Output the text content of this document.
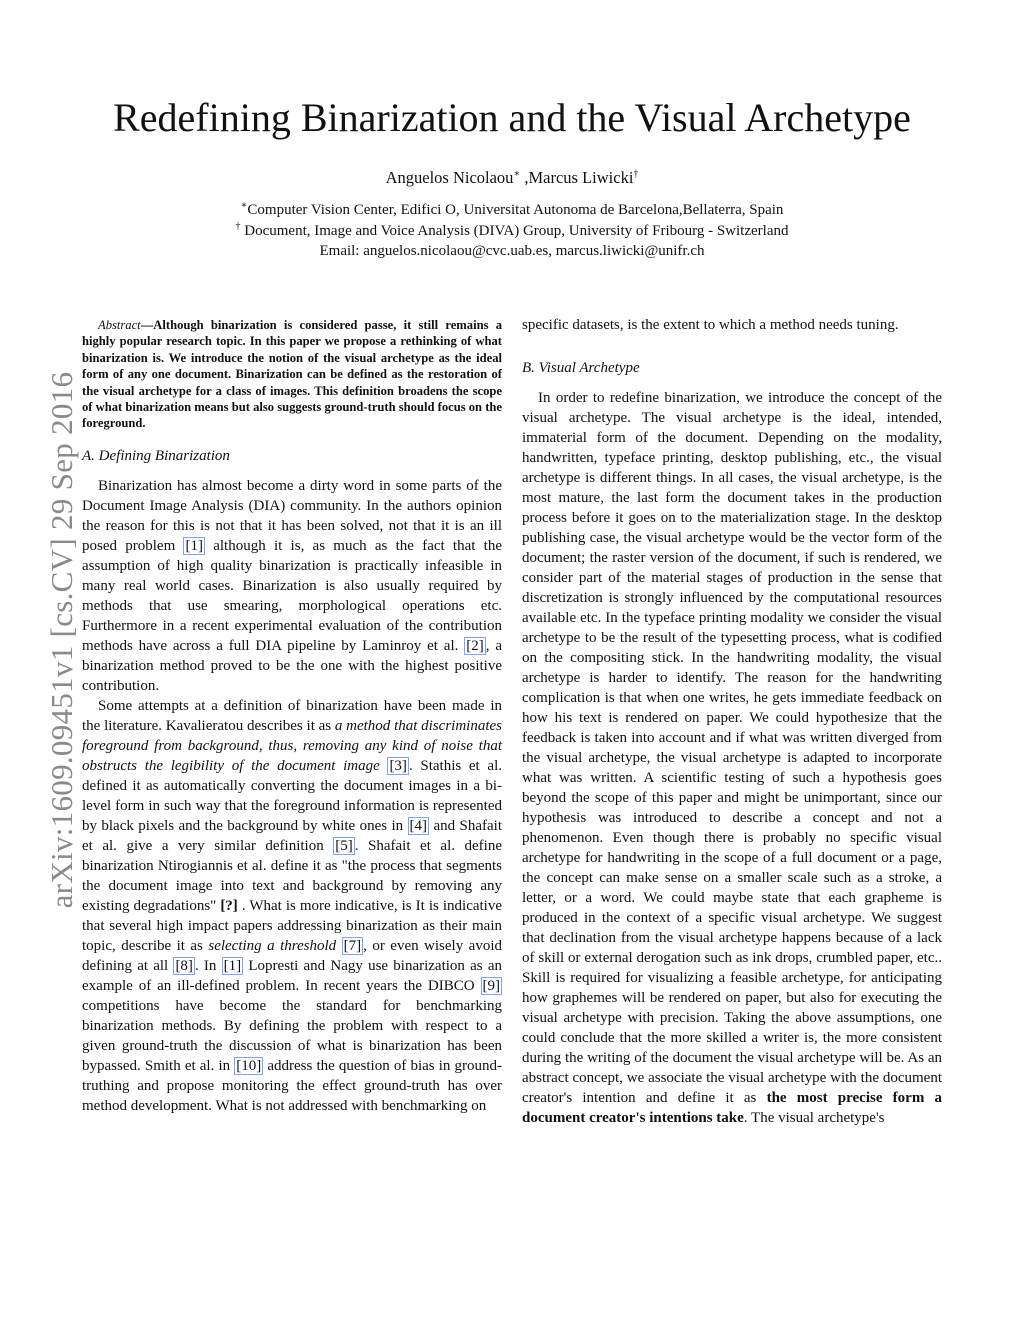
arXiv:1609.09451v1 [cs.CV] 29 Sep 2016
Redefining Binarization and the Visual Archetype
Anguelos Nicolaou∗ ,Marcus Liwicki†
∗Computer Vision Center, Edifici O, Universitat Autonoma de Barcelona,Bellaterra, Spain
† Document, Image and Voice Analysis (DIVA) Group, University of Fribourg - Switzerland
Email: anguelos.nicolaou@cvc.uab.es, marcus.liwicki@unifr.ch
Abstract—Although binarization is considered passe, it still remains a highly popular research topic. In this paper we propose a rethinking of what binarization is. We introduce the notion of the visual archetype as the ideal form of any one document. Binarization can be defined as the restoration of the visual archetype for a class of images. This definition broadens the scope of what binarization means but also suggests ground-truth should focus on the foreground.
A. Defining Binarization

Binarization has almost become a dirty word in some parts of the Document Image Analysis (DIA) community. In the authors opinion the reason for this is not that it has been solved, not that it is an ill posed problem [1] although it is, as much as the fact that the assumption of high quality binarization is practically infeasible in many real world cases. Binarization is also usually required by methods that use smearing, morphological operations etc. Furthermore in a recent experimental evaluation of the contribution methods have across a full DIA pipeline by Laminroy et al. [2] , a binarization method proved to be the one with the highest positive contribution.

Some attempts at a definition of binarization have been made in the literature. Kavalieratou describes it as a method that discriminates foreground from background, thus, removing any kind of noise that obstructs the legibility of the document image [3] . Stathis et al. defined it as automatically converting the document images in a bi-level form in such way that the foreground information is represented by black pixels and the background by white ones in [4] and Shafait et al. give a very similar definition [5] . Shafait et al. define binarization Ntirogiannis et al. define it as "the process that segments the document image into text and background by removing any existing degradations" [?] . What is more indicative, is It is indicative that several high impact papers addressing binarization as their main topic, describe it as selecting a threshold [7] , or even wisely avoid defining at all [8] . In [1] Lopresti and Nagy use binarization as an example of an ill-defined problem. In recent years the DIBCO [9] competitions have become the standard for benchmarking binarization methods. By defining the problem with respect to a given ground-truth the discussion of what is binarization has been bypassed. Smith et al. in [10] address the question of bias in ground-truthing and propose monitoring the effect ground-truth has over method development. What is not addressed with benchmarking on

specific datasets, is the extent to which a method needs tuning.

B. Visual Archetype

In order to redefine binarization, we introduce the concept of the visual archetype. The visual archetype is the ideal, intended, immaterial form of the document. Depending on the modality, handwritten, typeface printing, desktop publishing, etc., the visual archetype is different things. In all cases, the visual archetype, is the most mature, the last form the document takes in the production process before it goes on to the materialization stage. In the desktop publishing case, the visual archetype would be the vector form of the document; the raster version of the document, if such is rendered, we consider part of the material stages of production in the sense that discretization is strongly influenced by the computational resources available etc. In the typeface printing modality we consider the visual archetype to be the result of the typesetting process, what is codified on the compositing stick. In the handwriting modality, the visual archetype is harder to identify. The reason for the handwriting complication is that when one writes, he gets immediate feedback on how his text is rendered on paper. We could hypothesize that the feedback is taken into account and if what was written diverged from the visual archetype, the visual archetype is adapted to incorporate what was written. A scientific testing of such a hypothesis goes beyond the scope of this paper and might be unimportant, since our hypothesis was introduced to describe a concept and not a phenomenon. Even though there is probably no specific visual archetype for handwriting in the scope of a full document or a page, the concept can make sense on a smaller scale such as a stroke, a letter, or a word. We could maybe state that each grapheme is produced in the context of a specific visual archetype. We suggest that declination from the visual archetype happens because of a lack of skill or external derogation such as ink drops, crumbled paper, etc.. Skill is required for visualizing a feasible archetype, for anticipating how graphemes will be rendered on paper, but also for executing the visual archetype with precision. Taking the above assumptions, one could conclude that the more skilled a writer is, the more consistent during the writing of the document the visual archetype will be. As an abstract concept, we associate the visual archetype with the document creator's intention and define it as the most precise form a document creator's intentions take. The visual archetype's
